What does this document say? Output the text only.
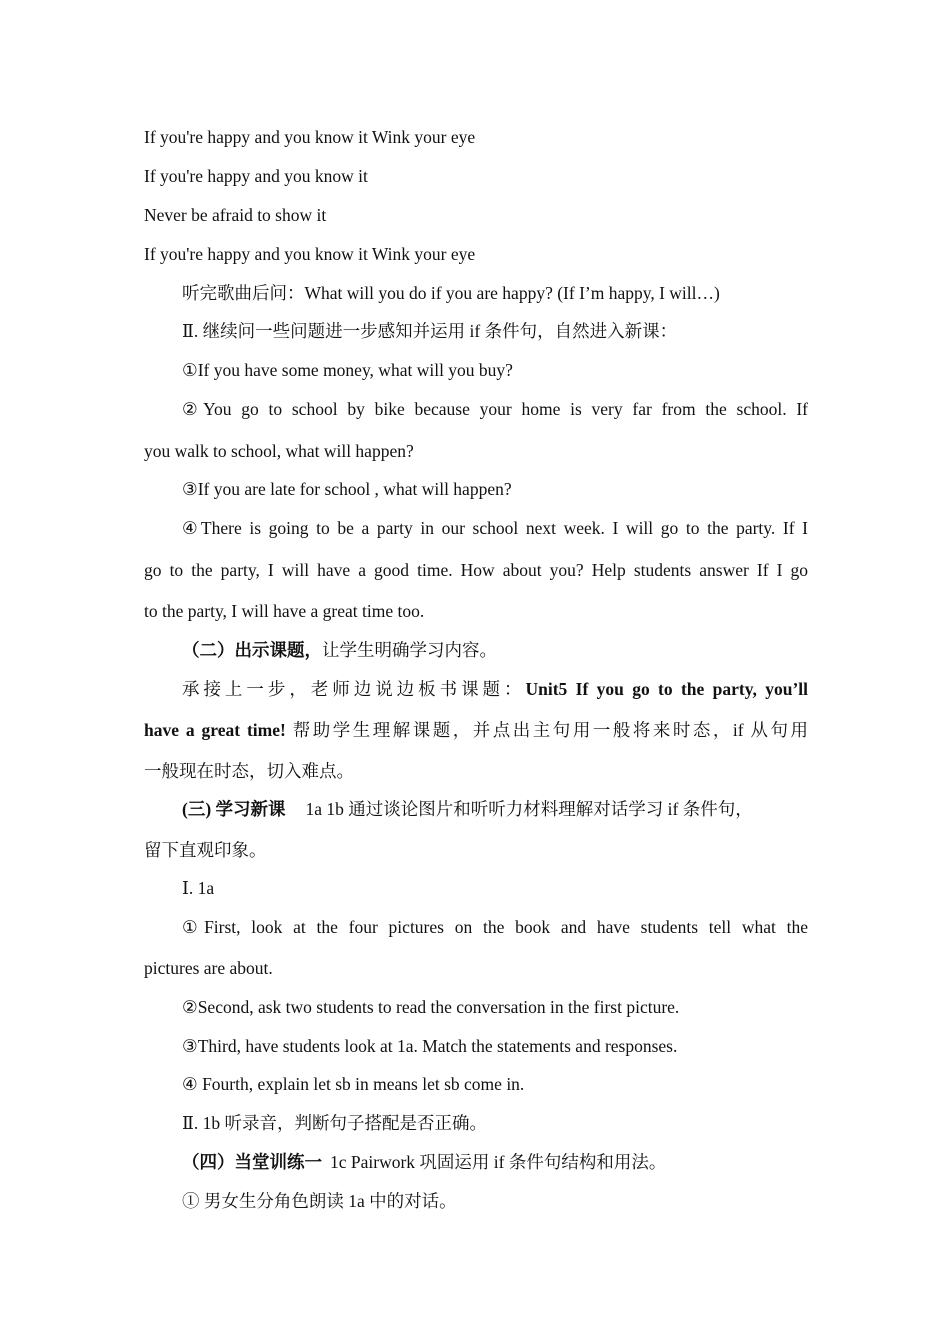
If you're happy and you know it Wink your eye
If you're happy and you know it
Never be afraid to show it
If you're happy and you know it Wink your eye
听完歌曲后问：What will you do if you are happy? (If I’m happy, I will…)
Ⅱ. 继续问一些问题进一步感知并运用 if 条件句，自然进入新课：
①If you have some money, what will you buy?
②You go to school by bike because your home is very far from the school. If
you walk to school, what will happen?
③If you are late for school , what will happen?
④There is going to be a party in our school next week. I will go to the party. If I
go to the party, I will have a good time. How about you? Help students answer If I go
to the party, I will have a great time too.
（二）出示课题，让学生明确学习内容。
承接上一步，老师边说边板书课题：Unit5 If you go to the party, you’ll
have a great time! 帮助学生理解课题，并点出主句用一般将来时态，if 从句用
一般现在时态，切入难点。
(三) 学习新课 1a 1b 通过谈论图片和听听力材料理解对话学习 if 条件句，
留下直观印象。
Ⅰ. 1a
①First, look at the four pictures on the book and have students tell what the
pictures are about.
②Second, ask two students to read the conversation in the first picture.
③Third, have students look at 1a. Match the statements and responses.
④ Fourth, explain let sb in means let sb come in.
Ⅱ. 1b 听录音，判断句子搭配是否正确。
（四）当堂训练一 1c Pairwork 巩固运用 if 条件句结构和用法。
① 男女生分角色朗读 1a 中的对话。
